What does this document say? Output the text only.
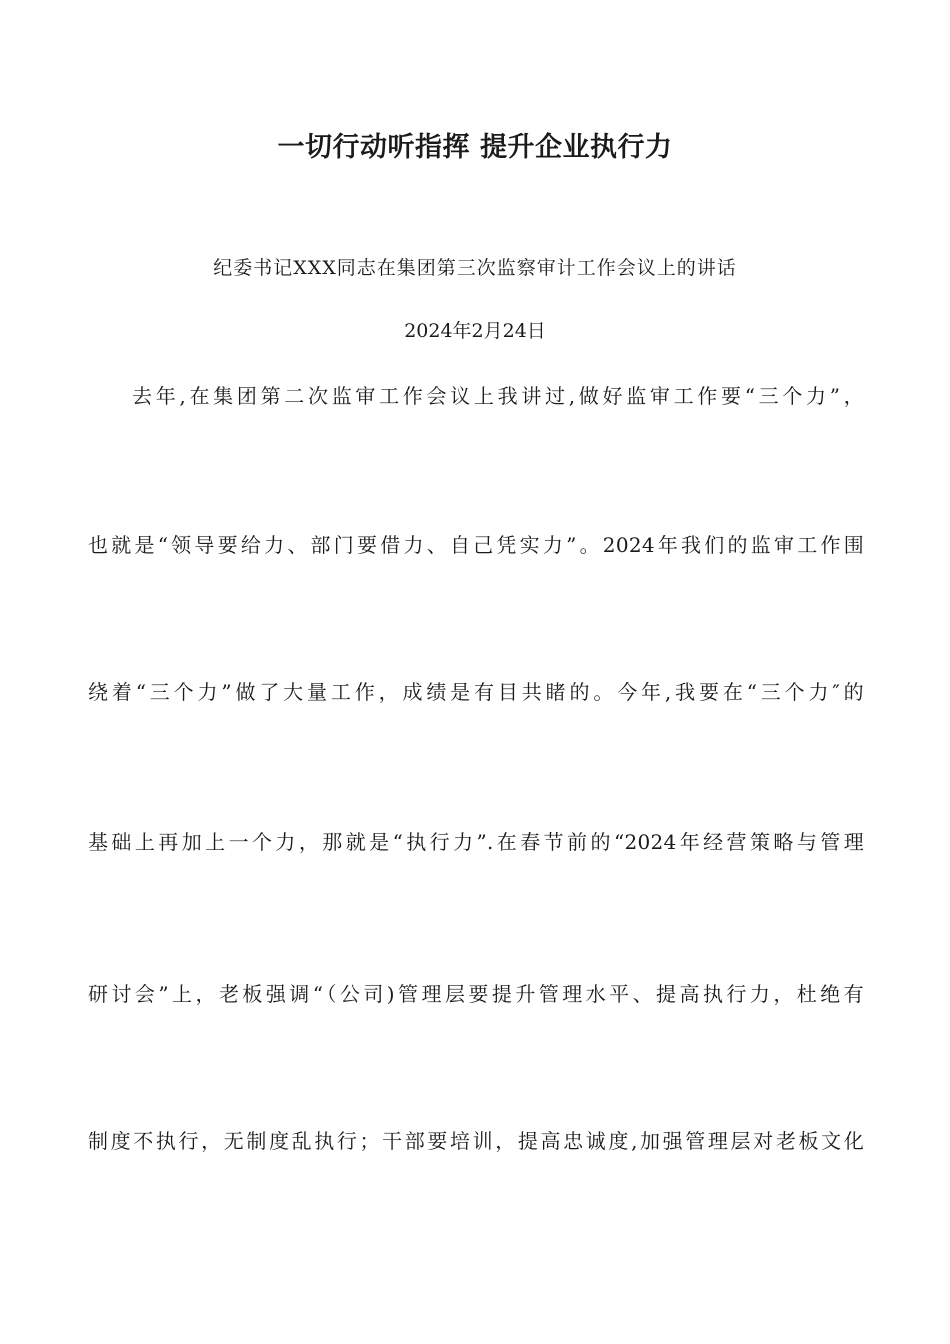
一切行动听指挥 提升企业执行力
纪委书记XXX同志在集团第三次监察审计工作会议上的讲话
2024年2月24日
去年,在集团第二次监审工作会议上我讲过,做好监审工作要“三个力”，
也就是“领导要给力、部门要借力、自己凭实力”。2024年我们的监审工作围
绕着“三个力”做了大量工作，成绩是有目共睹的。今年,我要在“三个力″的
基础上再加上一个力，那就是“执行力”.在春节前的“2024年经营策略与管理
研讨会”上，老板强调“（公司)管理层要提升管理水平、提高执行力，杜绝有
制度不执行，无制度乱执行；干部要培训，提高忠诚度,加强管理层对老板文化
